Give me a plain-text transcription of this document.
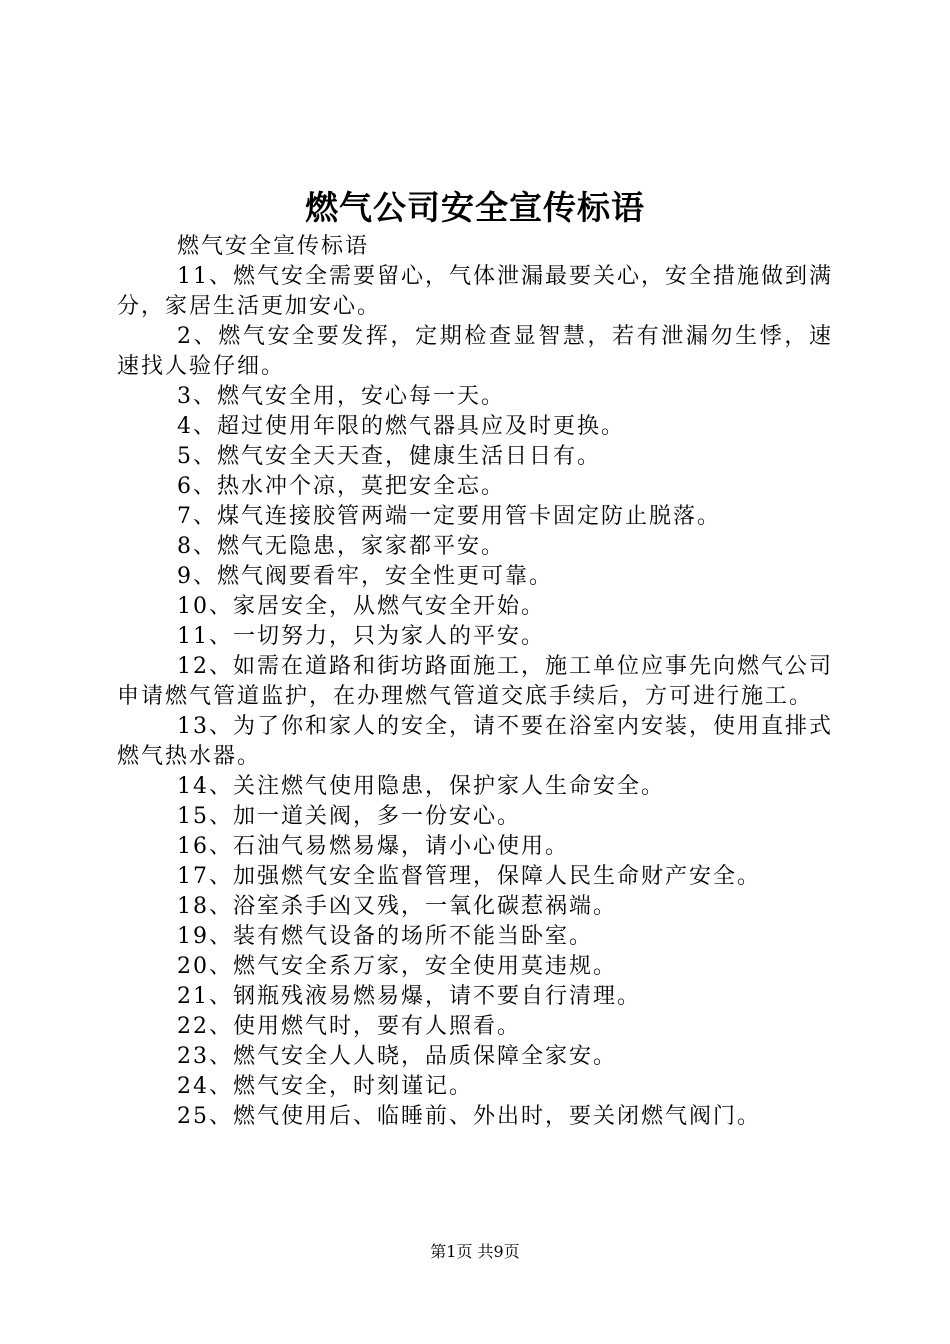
燃气公司安全宣传标语

燃气安全宣传标语

11、燃气安全需要留心，气体泄漏最要关心，安全措施做到满分，家居生活更加安心。

2、燃气安全要发挥，定期检查显智慧，若有泄漏勿生悸，速速找人验仔细。

3、燃气安全用，安心每一天。

4、超过使用年限的燃气器具应及时更换。

5、燃气安全天天查，健康生活日日有。

6、热水冲个凉，莫把安全忘。

7、煤气连接胶管两端一定要用管卡固定防止脱落。

8、燃气无隐患，家家都平安。

9、燃气阀要看牢，安全性更可靠。

10、家居安全，从燃气安全开始。

11、一切努力，只为家人的平安。

12、如需在道路和街坊路面施工，施工单位应事先向燃气公司申请燃气管道监护，在办理燃气管道交底手续后，方可进行施工。

13、为了你和家人的安全，请不要在浴室内安装，使用直排式燃气热水器。

14、关注燃气使用隐患，保护家人生命安全。

15、加一道关阀，多一份安心。

16、石油气易燃易爆，请小心使用。

17、加强燃气安全监督管理，保障人民生命财产安全。

18、浴室杀手凶又残，一氧化碳惹祸端。

19、装有燃气设备的场所不能当卧室。

20、燃气安全系万家，安全使用莫违规。

21、钢瓶残液易燃易爆，请不要自行清理。

22、使用燃气时，要有人照看。

23、燃气安全人人晓，品质保障全家安。

24、燃气安全，时刻谨记。

25、燃气使用后、临睡前、外出时，要关闭燃气阀门。

第1页 共9页
